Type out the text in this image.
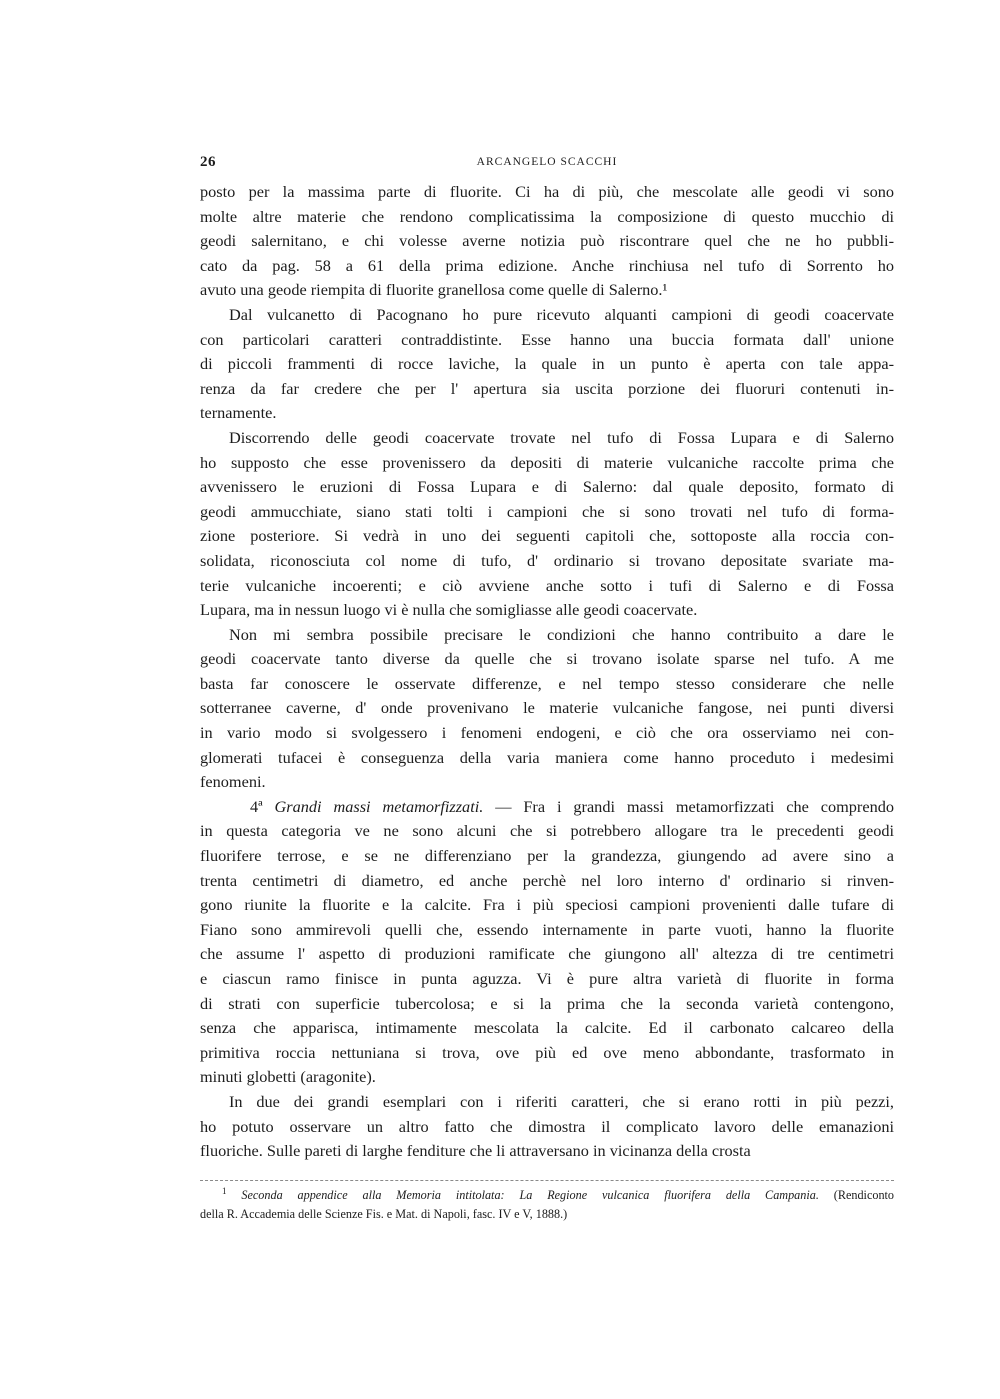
26	ARCANGELO SCACCHI

posto per la massima parte di fluorite. Ci ha di più, che mescolate alle geodi vi sono

molte altre materie che rendono complicatissima la composizione di questo mucchio di

geodi salernitano, e chi volesse averne notizia può riscontrare quel che ne ho pubbli-

cato da pag. 58 a 61 della prima edizione. Anche rinchiusa nel tufo di Sorrento ho

avuto una geode riempita di fluorite granellosa come quelle di Salerno.¹

Dal vulcanetto di Pacognano ho pure ricevuto alquanti campioni di geodi coacervate

con particolari caratteri contraddistinte. Esse hanno una buccia formata dall' unione

di piccoli frammenti di rocce laviche, la quale in un punto è aperta con tale appa-

renza da far credere che per l' apertura sia uscita porzione dei fluoruri contenuti in-

ternamente.

Discorrendo delle geodi coacervate trovate nel tufo di Fossa Lupara e di Salerno

ho supposto che esse provenissero da depositi di materie vulcaniche raccolte prima che

avvenissero le eruzioni di Fossa Lupara e di Salerno: dal quale deposito, formato di

geodi ammucchiate, siano stati tolti i campioni che si sono trovati nel tufo di forma-

zione posteriore. Si vedrà in uno dei seguenti capitoli che, sottoposte alla roccia con-

solidata, riconosciuta col nome di tufo, d' ordinario si trovano depositate svariate ma-

terie vulcaniche incoerenti; e ciò avviene anche sotto i tufi di Salerno e di Fossa

Lupara, ma in nessun luogo vi è nulla che somigliasse alle geodi coacervate.

Non mi sembra possibile precisare le condizioni che hanno contribuito a dare le

geodi coacervate tanto diverse da quelle che si trovano isolate sparse nel tufo. A me

basta far conoscere le osservate differenze, e nel tempo stesso considerare che nelle

sotterranee caverne, d' onde provenivano le materie vulcaniche fangose, nei punti diversi

in vario modo si svolgessero i fenomeni endogeni, e ciò che ora osserviamo nei con-

glomerati tufacei è conseguenza della varia maniera come hanno proceduto i medesimi

fenomeni.

4ª Grandi massi metamorfizzati. — Fra i grandi massi metamorfizzati che comprendo

in questa categoria ve ne sono alcuni che si potrebbero allogare tra le precedenti geodi

fluorifere terrose, e se ne differenziano per la grandezza, giungendo ad avere sino a

trenta centimetri di diametro, ed anche perchè nel loro interno d' ordinario si rinven-

gono riunite la fluorite e la calcite. Fra i più speciosi campioni provenienti dalle tufare di

Fiano sono ammirevoli quelli che, essendo internamente in parte vuoti, hanno la fluorite

che assume l' aspetto di produzioni ramificate che giungono all' altezza di tre centimetri

e ciascun ramo finisce in punta aguzza. Vi è pure altra varietà di fluorite in forma

di strati con superficie tubercolosa; e si la prima che la seconda varietà contengono,

senza che apparisca, intimamente mescolata la calcite. Ed il carbonato calcareo della

primitiva roccia nettuniana si trova, ove più ed ove meno abbondante, trasformato in

minuti globetti (aragonite).

In due dei grandi esemplari con i riferiti caratteri, che si erano rotti in più pezzi,

ho potuto osservare un altro fatto che dimostra il complicato lavoro delle emanazioni

fluoriche. Sulle pareti di larghe fenditure che li attraversano in vicinanza della crosta

$^1$ Seconda appendice alla Memoria intitolata: La Regione vulcanica fluorifera della Campania. (Rendiconto

della R. Accademia delle Scienze Fis. e Mat. di Napoli, fasc. IV e V, 1888.)
